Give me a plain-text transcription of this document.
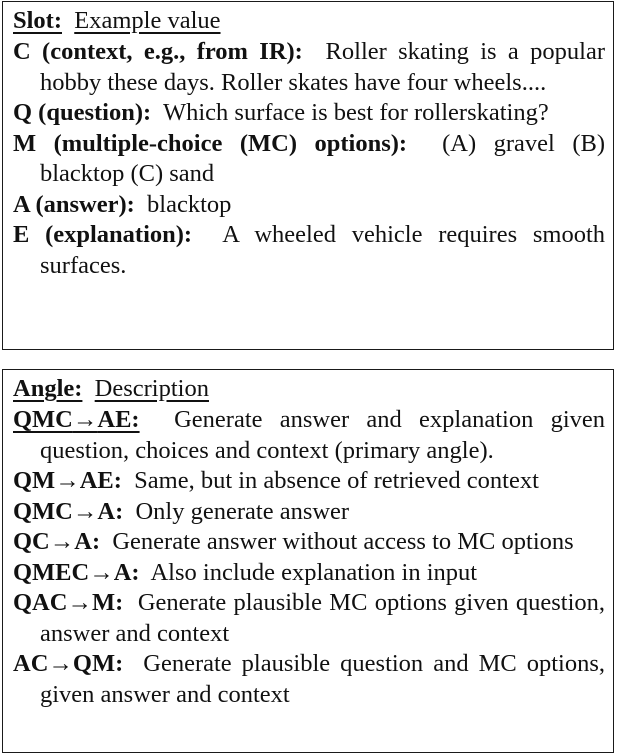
Slot: Example value

C (context, e.g., from IR): Roller skating is a popular hobby these days. Roller skates have four wheels....

Q (question): Which surface is best for rollerskating?

M (multiple-choice (MC) options): (A) gravel (B) blacktop (C) sand

A (answer): blacktop

E (explanation): A wheeled vehicle requires smooth surfaces.

Angle: Description

QMC→AE: Generate answer and explanation given question, choices and context (primary angle).

QM→AE: Same, but in absence of retrieved context

QMC→A: Only generate answer

QC→A: Generate answer without access to MC options

QMEC→A: Also include explanation in input

QAC→M: Generate plausible MC options given question, answer and context

AC→QM: Generate plausible question and MC options, given answer and context
